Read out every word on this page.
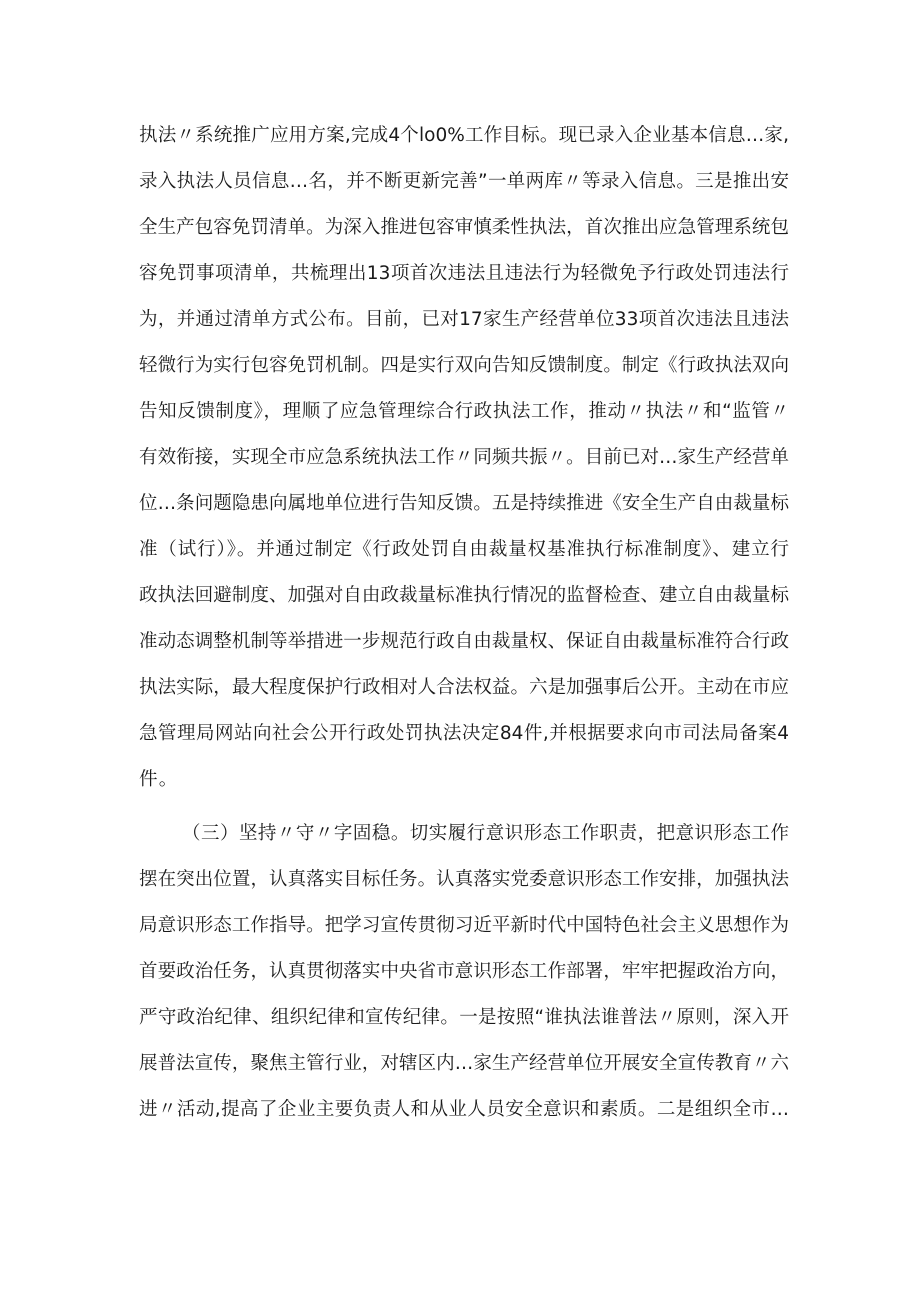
执法〃系统推广应用方案,完成4个lo0%工作目标。现已录入企业基本信息…家,
录入执法人员信息…名，并不断更新完善”一单两库〃等录入信息。三是推出安
全生产包容免罚清单。为深入推进包容审慎柔性执法，首次推出应急管理系统包
容免罚事项清单，共梳理出13项首次违法且违法行为轻微免予行政处罚违法行
为，并通过清单方式公布。目前，已对17家生产经营单位33项首次违法且违法
轻微行为实行包容免罚机制。四是实行双向告知反馈制度。制定《行政执法双向
告知反馈制度》，理顺了应急管理综合行政执法工作，推动〃执法〃和“监管〃
有效衔接，实现全市应急系统执法工作〃同频共振〃。目前已对…家生产经营单
位…条问题隐患向属地单位进行告知反馈。五是持续推进《安全生产自由裁量标
准（试行）》。并通过制定《行政处罚自由裁量权基准执行标准制度》、建立行
政执法回避制度、加强对自由政裁量标准执行情况的监督检查、建立自由裁量标
准动态调整机制等举措进一步规范行政自由裁量权、保证自由裁量标准符合行政
执法实际，最大程度保护行政相对人合法权益。六是加强事后公开。主动在市应
急管理局网站向社会公开行政处罚执法决定84件,并根据要求向市司法局备案4
件。
（三）坚持〃守〃字固稳。切实履行意识形态工作职责，把意识形态工作
摆在突出位置，认真落实目标任务。认真落实党委意识形态工作安排，加强执法
局意识形态工作指导。把学习宣传贯彻习近平新时代中国特色社会主义思想作为
首要政治任务，认真贯彻落实中央省市意识形态工作部署，牢牢把握政治方向，
严守政治纪律、组织纪律和宣传纪律。一是按照“谁执法谁普法〃原则，深入开
展普法宣传，聚焦主管行业，对辖区内…家生产经营单位开展安全宣传教育〃六
进〃活动,提高了企业主要负责人和从业人员安全意识和素质。二是组织全市…
